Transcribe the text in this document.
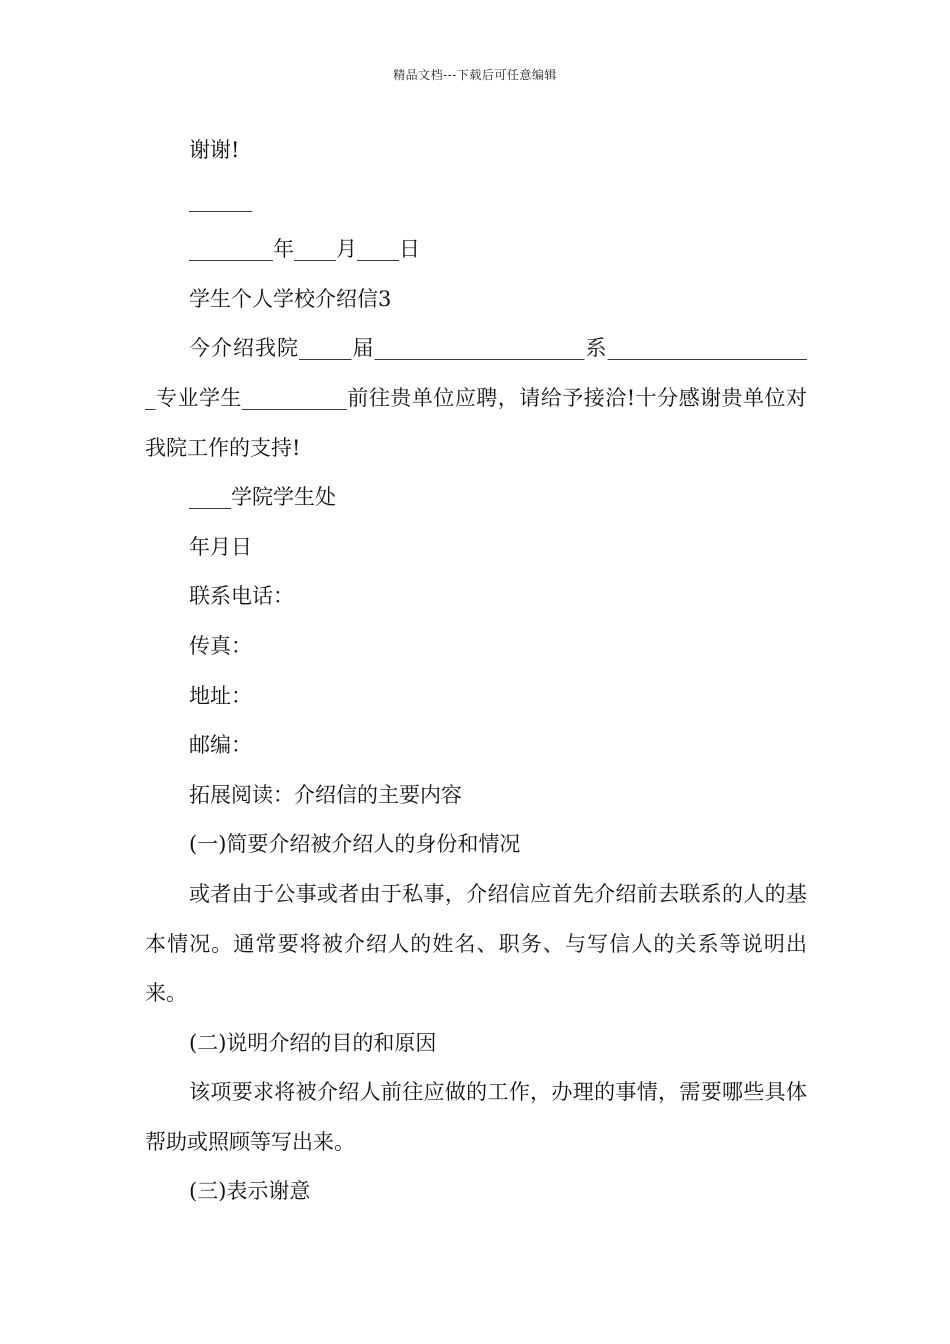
精品文档---下载后可任意编辑

谢谢!

______

________年____月____日

学生个人学校介绍信3

今介绍我院_____届____________________系____________________专业学生__________前往贵单位应聘，请给予接洽!十分感谢贵单位对我院工作的支持!

____学院学生处

年月日

联系电话：

传真：

地址：

邮编：

拓展阅读：介绍信的主要内容

(一)简要介绍被介绍人的身份和情况

或者由于公事或者由于私事，介绍信应首先介绍前去联系的人的基本情况。通常要将被介绍人的姓名、职务、与写信人的关系等说明出来。

(二)说明介绍的目的和原因

该项要求将被介绍人前往应做的工作，办理的事情，需要哪些具体帮助或照顾等写出来。

(三)表示谢意
